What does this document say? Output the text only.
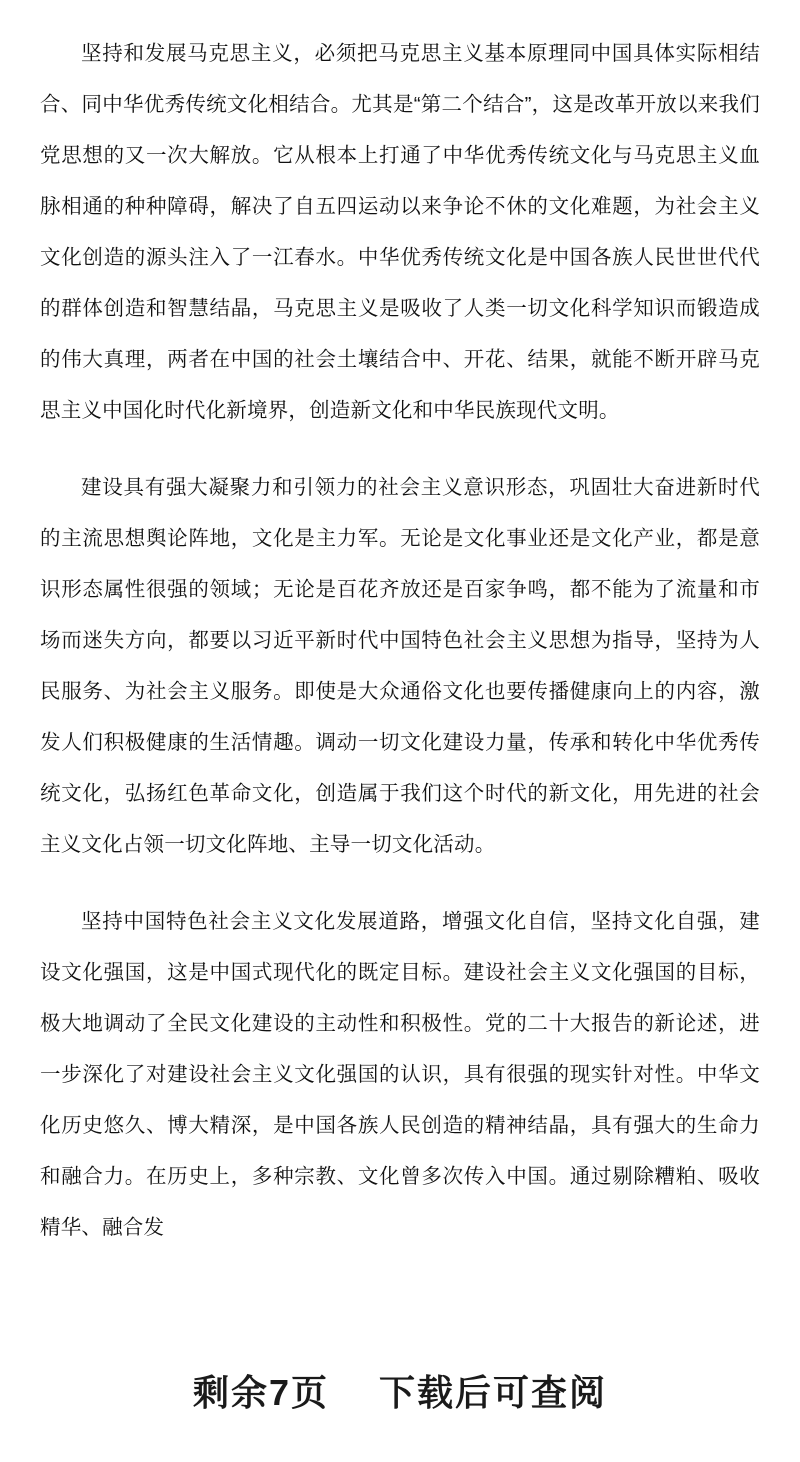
坚持和发展马克思主义，必须把马克思主义基本原理同中国具体实际相结合、同中华优秀传统文化相结合。尤其是“第二个结合”，这是改革开放以来我们党思想的又一次大解放。它从根本上打通了中华优秀传统文化与马克思主义血脉相通的种种障碍，解决了自五四运动以来争论不休的文化难题，为社会主义文化创造的源头注入了一江春水。中华优秀传统文化是中国各族人民世世代代的群体创造和智慧结晶，马克思主义是吸收了人类一切文化科学知识而锻造成的伟大真理，两者在中国的社会土壤结合中、开花、结果，就能不断开辟马克思主义中国化时代化新境界，创造新文化和中华民族现代文明。

建设具有强大凝聚力和引领力的社会主义意识形态，巩固壮大奋进新时代的主流思想舆论阵地，文化是主力军。无论是文化事业还是文化产业，都是意识形态属性很强的领域；无论是百花齐放还是百家争鸣，都不能为了流量和市场而迷失方向，都要以习近平新时代中国特色社会主义思想为指导，坚持为人民服务、为社会主义服务。即使是大众通俗文化也要传播健康向上的内容，激发人们积极健康的生活情趣。调动一切文化建设力量，传承和转化中华优秀传统文化，弘扬红色革命文化，创造属于我们这个时代的新文化，用先进的社会主义文化占领一切文化阵地、主导一切文化活动。

坚持中国特色社会主义文化发展道路，增强文化自信，坚持文化自强，建设文化强国，这是中国式现代化的既定目标。建设社会主义文化强国的目标，极大地调动了全民文化建设的主动性和积极性。党的二十大报告的新论述，进一步深化了对建设社会主义文化强国的认识，具有很强的现实针对性。中华文化历史悠久、博大精深，是中国各族人民创造的精神结晶，具有强大的生命力和融合力。在历史上，多种宗教、文化曾多次传入中国。通过剔除糟粕、吸收精华、融合发

剩余7页 下载后可查阅
